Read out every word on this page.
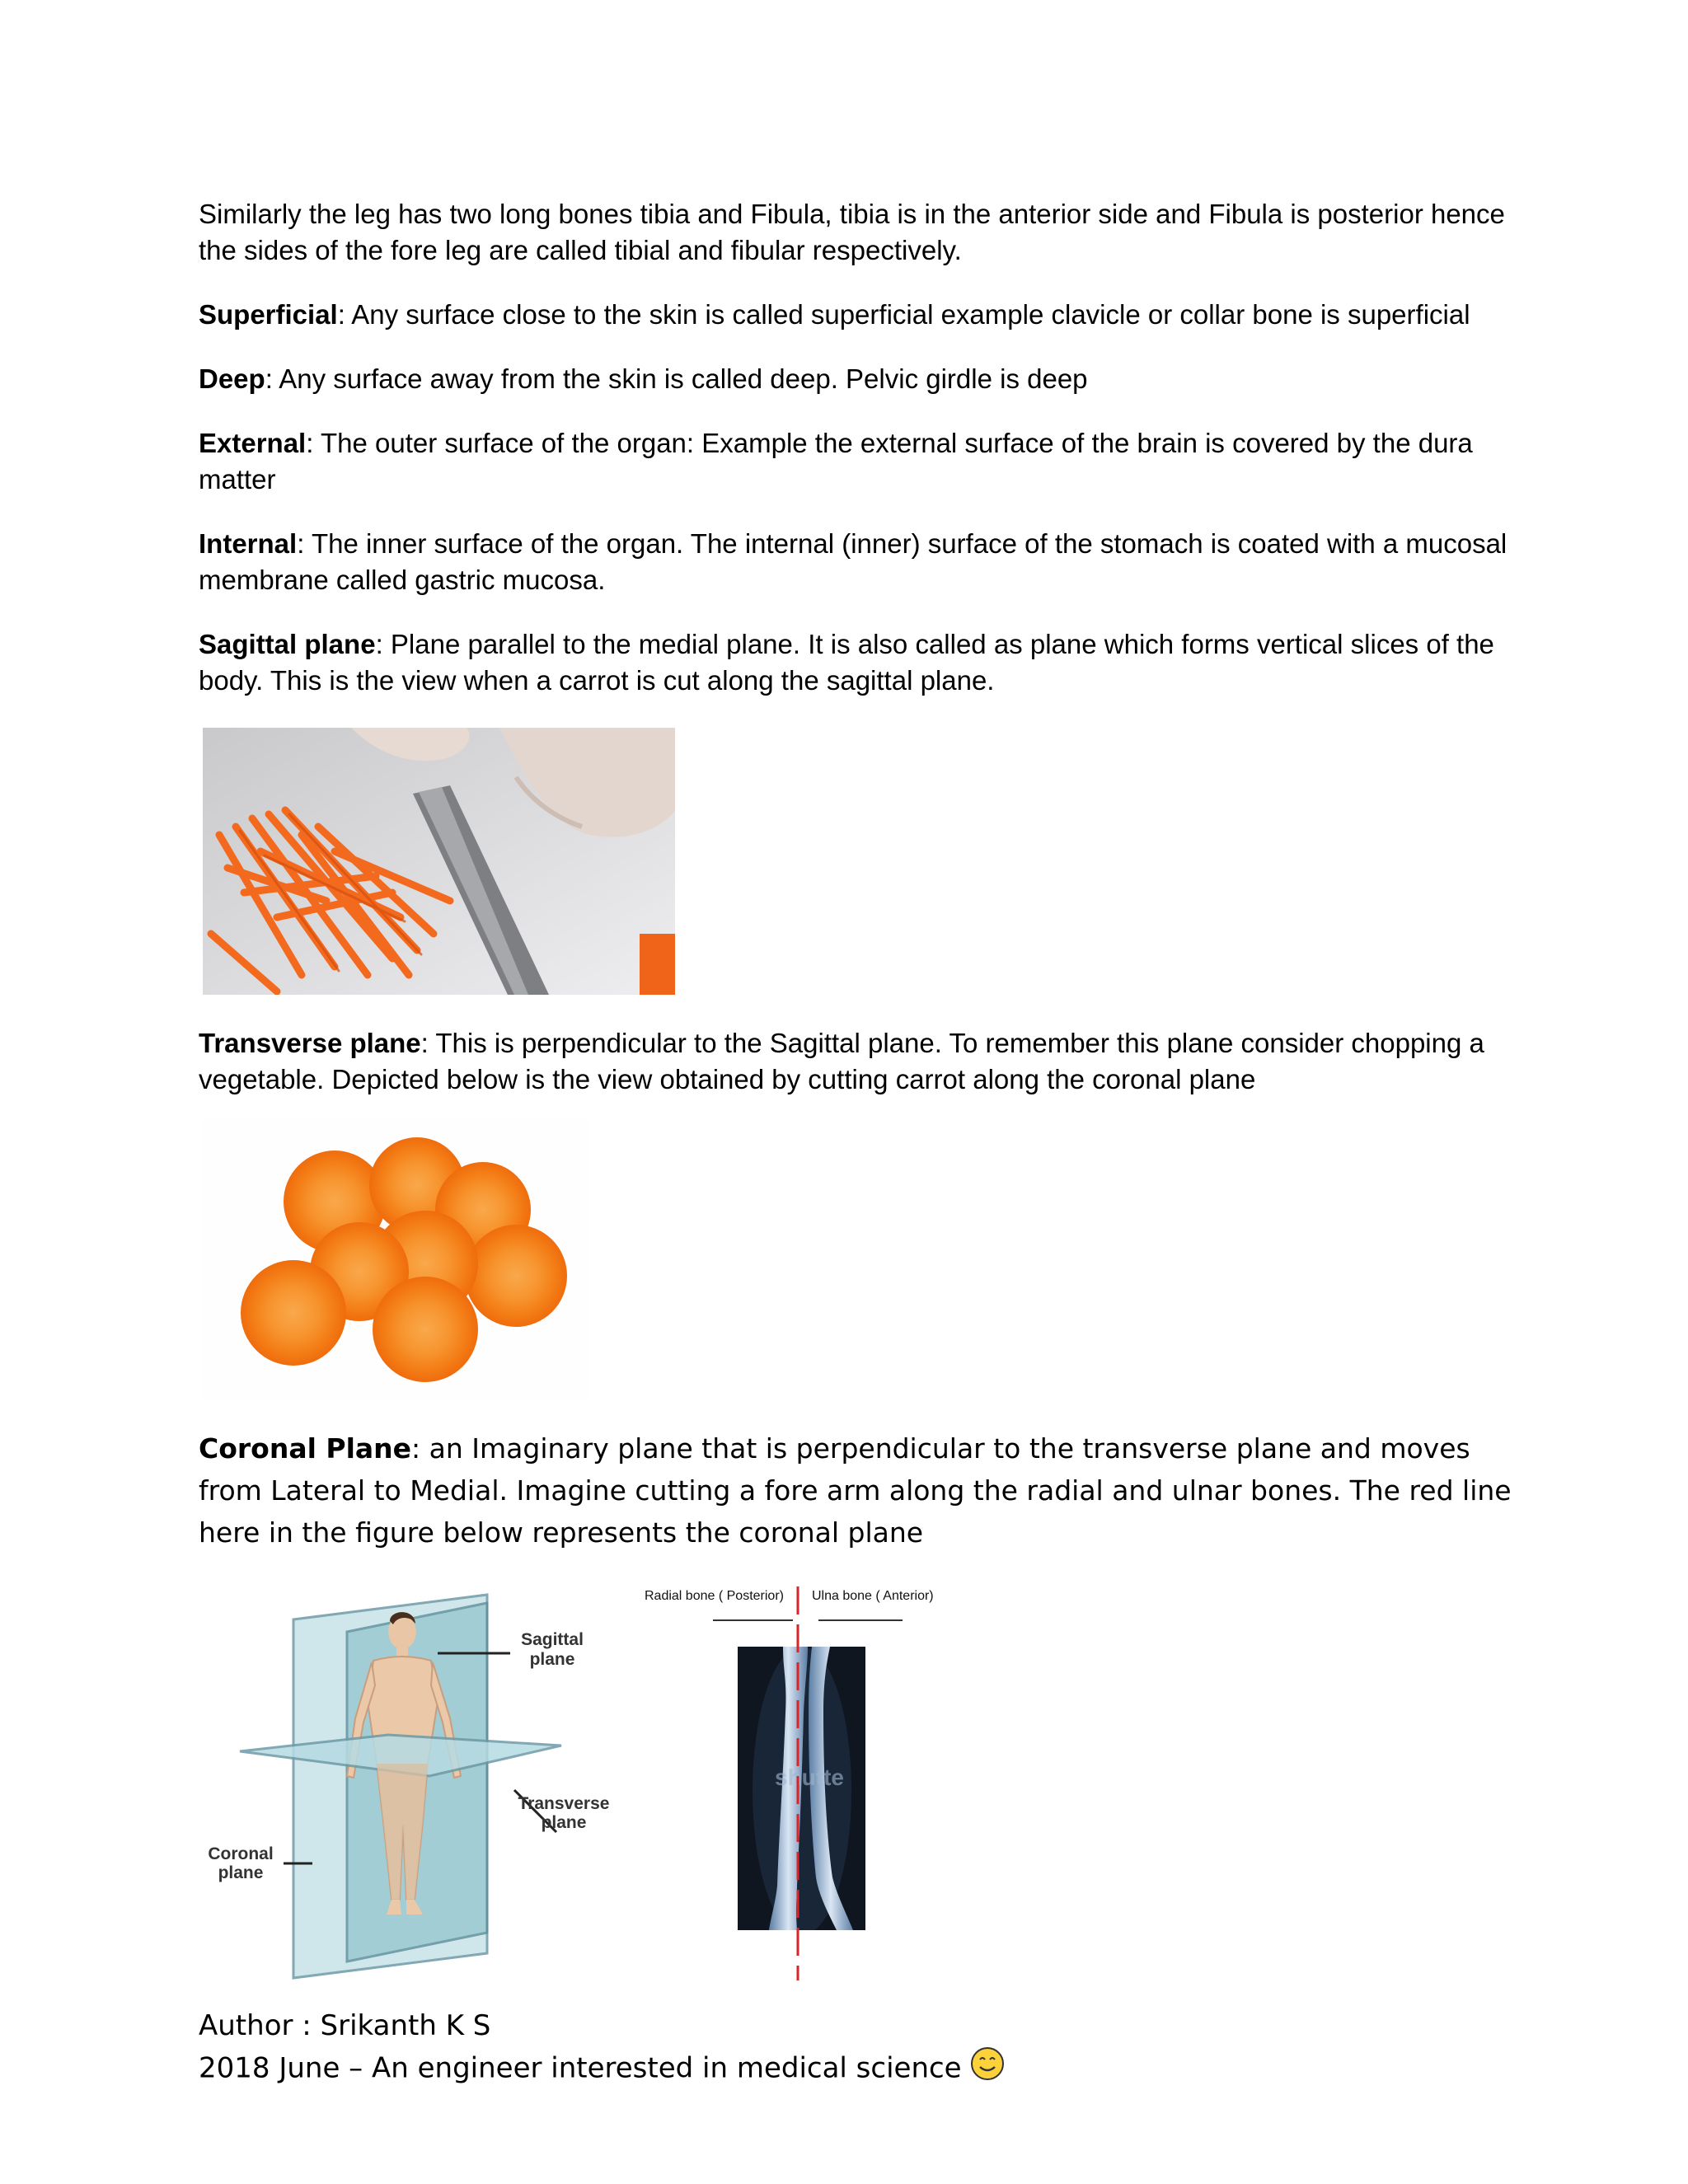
Similarly the leg has two long bones tibia and Fibula, tibia is in the anterior side and Fibula is posterior hence the sides of the fore leg are called tibial and fibular respectively.

Superficial: Any surface close to the skin is called superficial example clavicle or collar bone is superficial

Deep: Any surface away from the skin is called deep. Pelvic girdle is deep

External: The outer surface of the organ: Example the external surface of the brain is covered by the dura matter

Internal: The inner surface of the organ. The internal (inner) surface of the stomach is coated with a mucosal membrane called gastric mucosa.

Sagittal plane: Plane parallel to the medial plane. It is also called as plane which forms vertical slices of the body. This is the view when a carrot is cut along the sagittal plane.

Transverse plane: This is perpendicular to the Sagittal plane. To remember this plane consider chopping a vegetable. Depicted below is the view obtained by cutting carrot along the coronal plane

Coronal Plane: an Imaginary plane that is perpendicular to the transverse plane and moves from Lateral to Medial. Imagine cutting a fore arm along the radial and ulnar bones. The red line here in the figure below represents the coronal plane

Sagittal
plane
Transverse
plane
Coronal
plane
Radial bone ( Posterior) Ulna bone ( Anterior)
shutte
Author : Srikanth K S
2018 June – An engineer interested in medical science
